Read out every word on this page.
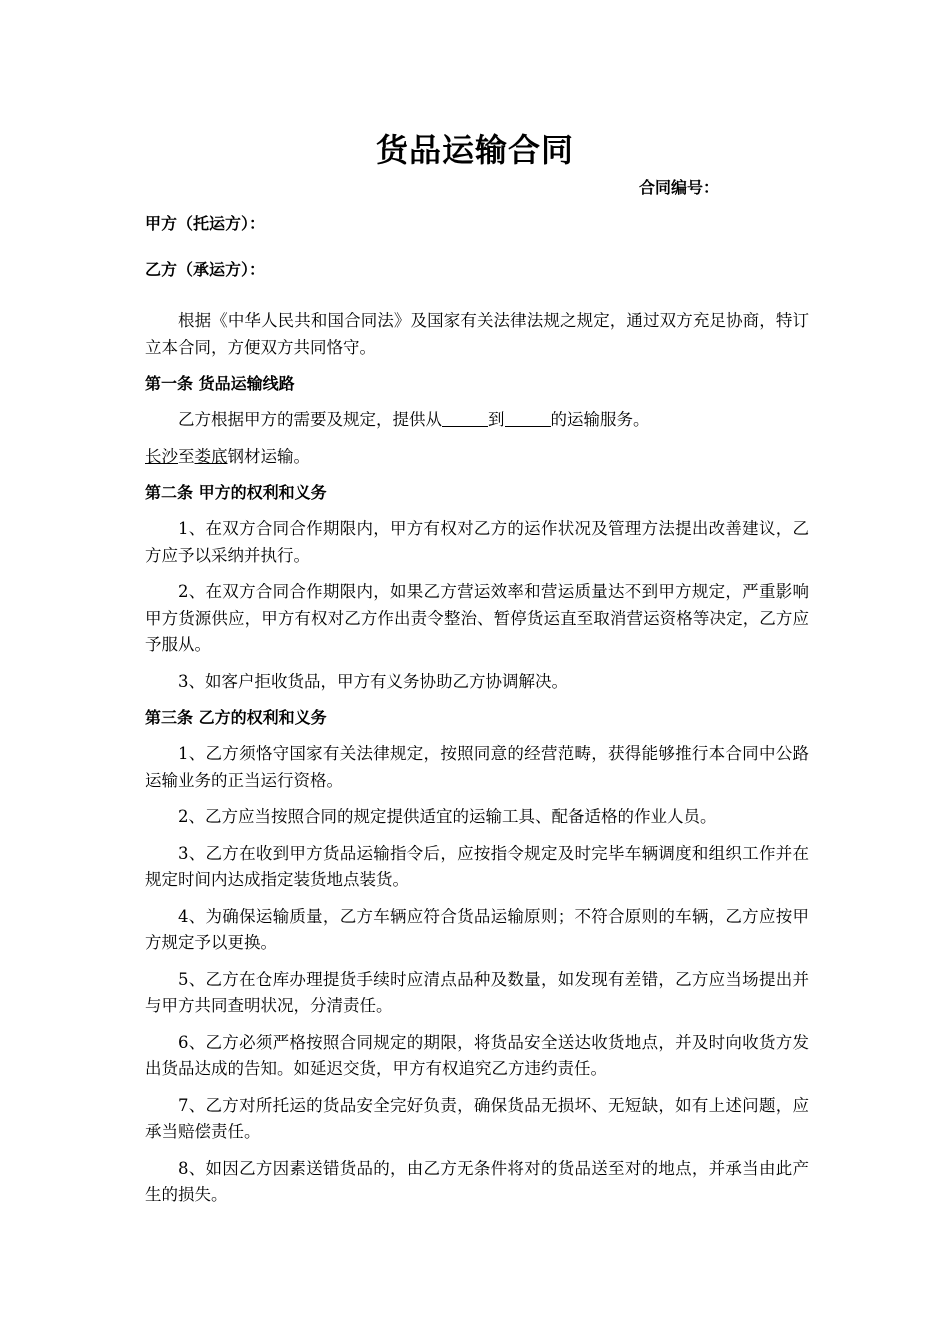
货品运输合同
合同编号：

甲方（托运方）：

乙方（承运方）：

根据《中华人民共和国合同法》及国家有关法律法规之规定，通过双方充足协商，特订立本合同，方便双方共同恪守。

第一条 货品运输线路

乙方根据甲方的需要及规定，提供从	到	的运输服务。

长沙至娄底钢材运输。

第二条 甲方的权利和义务

1、在双方合同合作期限内，甲方有权对乙方的运作状况及管理方法提出改善建议，乙方应予以采纳并执行。

2、在双方合同合作期限内，如果乙方营运效率和营运质量达不到甲方规定，严重影响甲方货源供应，甲方有权对乙方作出责令整治、暂停货运直至取消营运资格等决定，乙方应予服从。

3、如客户拒收货品，甲方有义务协助乙方协调解决。

第三条 乙方的权利和义务

1、乙方须恪守国家有关法律规定，按照同意的经营范畴，获得能够推行本合同中公路运输业务的正当运行资格。

2、乙方应当按照合同的规定提供适宜的运输工具、配备适格的作业人员。

3、乙方在收到甲方货品运输指令后，应按指令规定及时完毕车辆调度和组织工作并在规定时间内达成指定装货地点装货。

4、为确保运输质量，乙方车辆应符合货品运输原则；不符合原则的车辆，乙方应按甲方规定予以更换。

5、乙方在仓库办理提货手续时应清点品种及数量，如发现有差错，乙方应当场提出并与甲方共同查明状况，分清责任。

6、乙方必须严格按照合同规定的期限，将货品安全送达收货地点，并及时向收货方发出货品达成的告知。如延迟交货，甲方有权追究乙方违约责任。

7、乙方对所托运的货品安全完好负责，确保货品无损坏、无短缺，如有上述问题，应承当赔偿责任。

8、如因乙方因素送错货品的，由乙方无条件将对的货品送至对的地点，并承当由此产生的损失。
